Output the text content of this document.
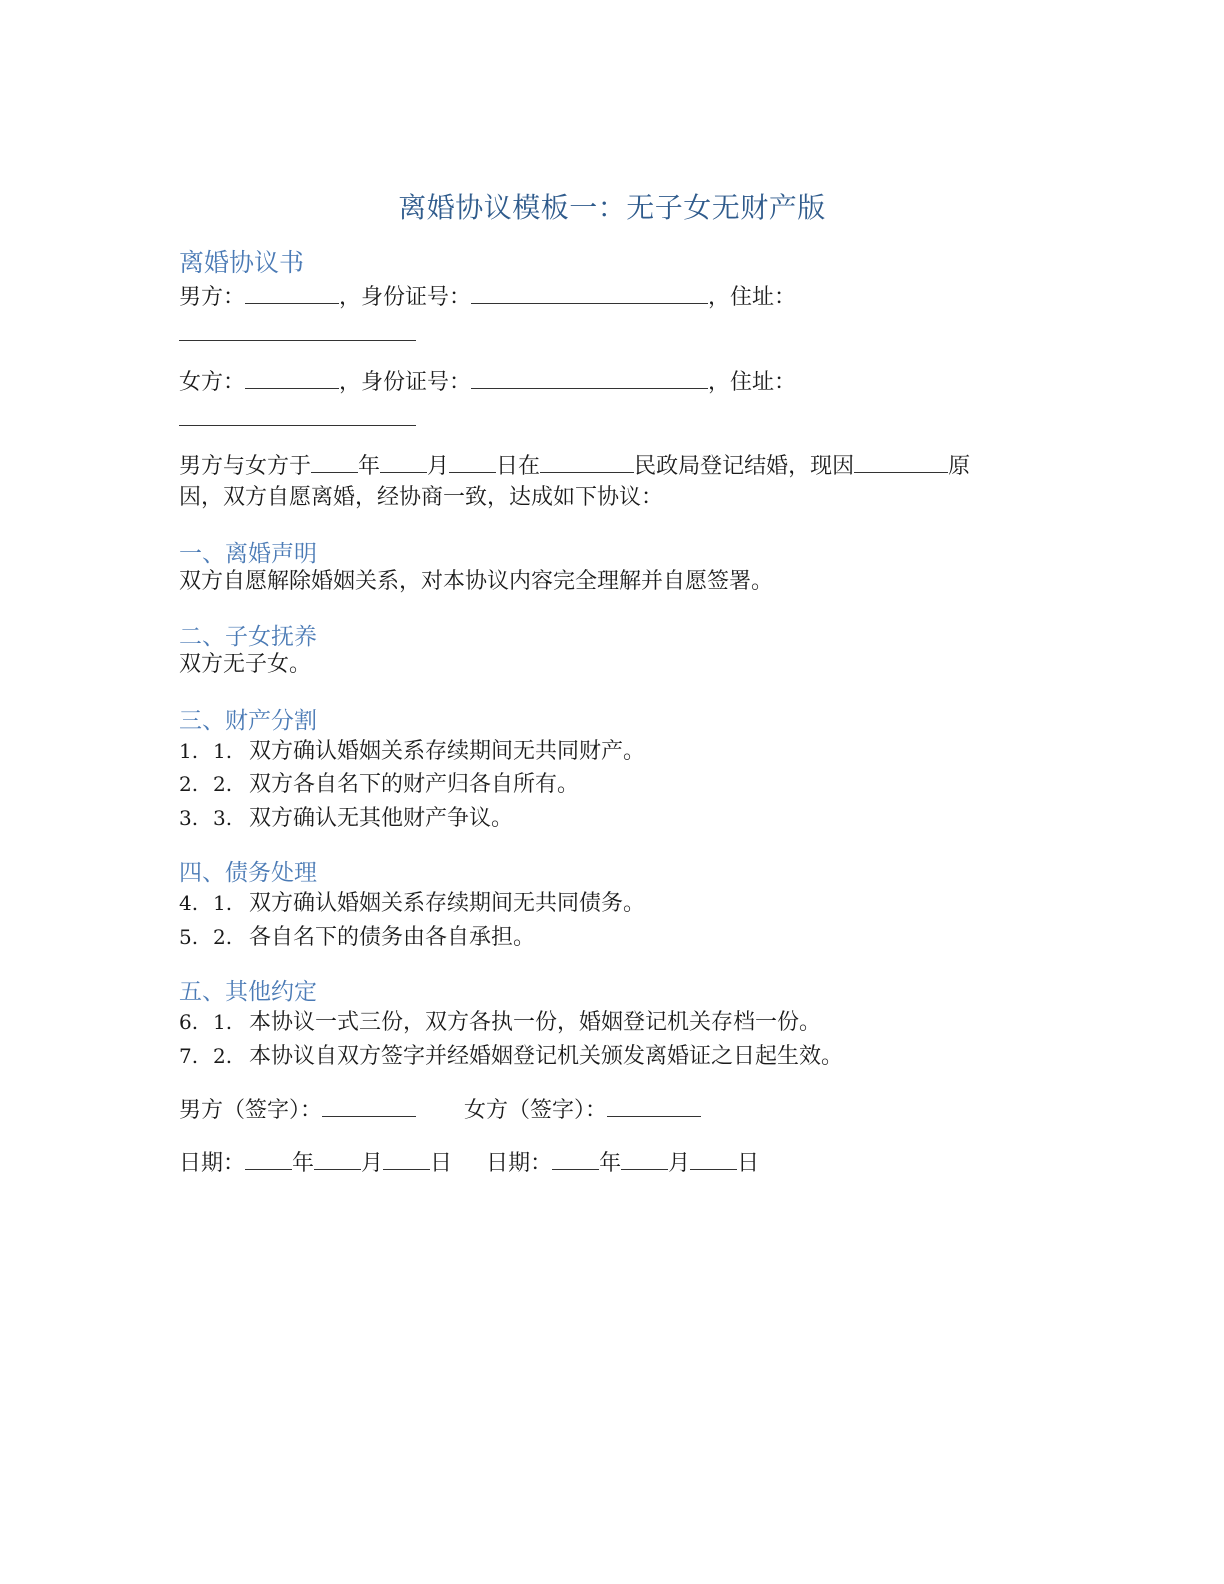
离婚协议模板一：无子女无财产版
离婚协议书
男方：	，身份证号：	，住址：
女方：	，身份证号：	，住址：
男方与女方于 年 月 日在	民政局登记结婚，现因	原
因，双方自愿离婚，经协商一致，达成如下协议：
一、离婚声明
双方自愿解除婚姻关系，对本协议内容完全理解并自愿签署。
二、子女抚养
双方无子女。
三、财产分割
1. 1. 双方确认婚姻关系存续期间无共同财产。
2. 2. 双方各自名下的财产归各自所有。
3. 3. 双方确认无其他财产争议。
四、债务处理
4. 1. 双方确认婚姻关系存续期间无共同债务。
5. 2. 各自名下的债务由各自承担。
五、其他约定
6. 1. 本协议一式三份，双方各执一份，婚姻登记机关存档一份。
7. 2. 本协议自双方签字并经婚姻登记机关颁发离婚证之日起生效。
男方（签字）：	女方（签字）：
日期： 年 月 日 日期： 年 月 日
